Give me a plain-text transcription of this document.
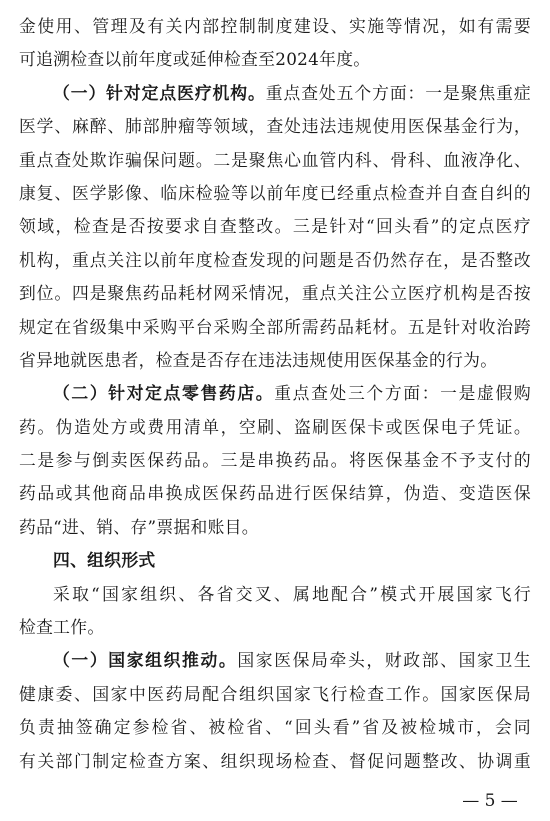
金使用、管理及有关内部控制制度建设、实施等情况，如有需要
可追溯检查以前年度或延伸检查至2024年度。
（一）针对定点医疗机构。重点查处五个方面：一是聚焦重症
医学、麻醉、肺部肿瘤等领域，查处违法违规使用医保基金行为，
重点查处欺诈骗保问题。二是聚焦心血管内科、骨科、血液净化、
康复、医学影像、临床检验等以前年度已经重点检查并自查自纠的
领域，检查是否按要求自查整改。三是针对“回头看”的定点医疗
机构，重点关注以前年度检查发现的问题是否仍然存在，是否整改
到位。四是聚焦药品耗材网采情况，重点关注公立医疗机构是否按
规定在省级集中采购平台采购全部所需药品耗材。五是针对收治跨
省异地就医患者，检查是否存在违法违规使用医保基金的行为。
（二）针对定点零售药店。重点查处三个方面：一是虚假购
药。伪造处方或费用清单，空刷、盗刷医保卡或医保电子凭证。
二是参与倒卖医保药品。三是串换药品。将医保基金不予支付的
药品或其他商品串换成医保药品进行医保结算，伪造、变造医保
药品“进、销、存”票据和账目。
四、组织形式
采取“国家组织、各省交叉、属地配合”模式开展国家飞行
检查工作。
（一）国家组织推动。国家医保局牵头，财政部、国家卫生
健康委、国家中医药局配合组织国家飞行检查工作。国家医保局
负责抽签确定参检省、被检省、“回头看”省及被检城市，会同
有关部门制定检查方案、组织现场检查、督促问题整改、协调重
— 5 —
